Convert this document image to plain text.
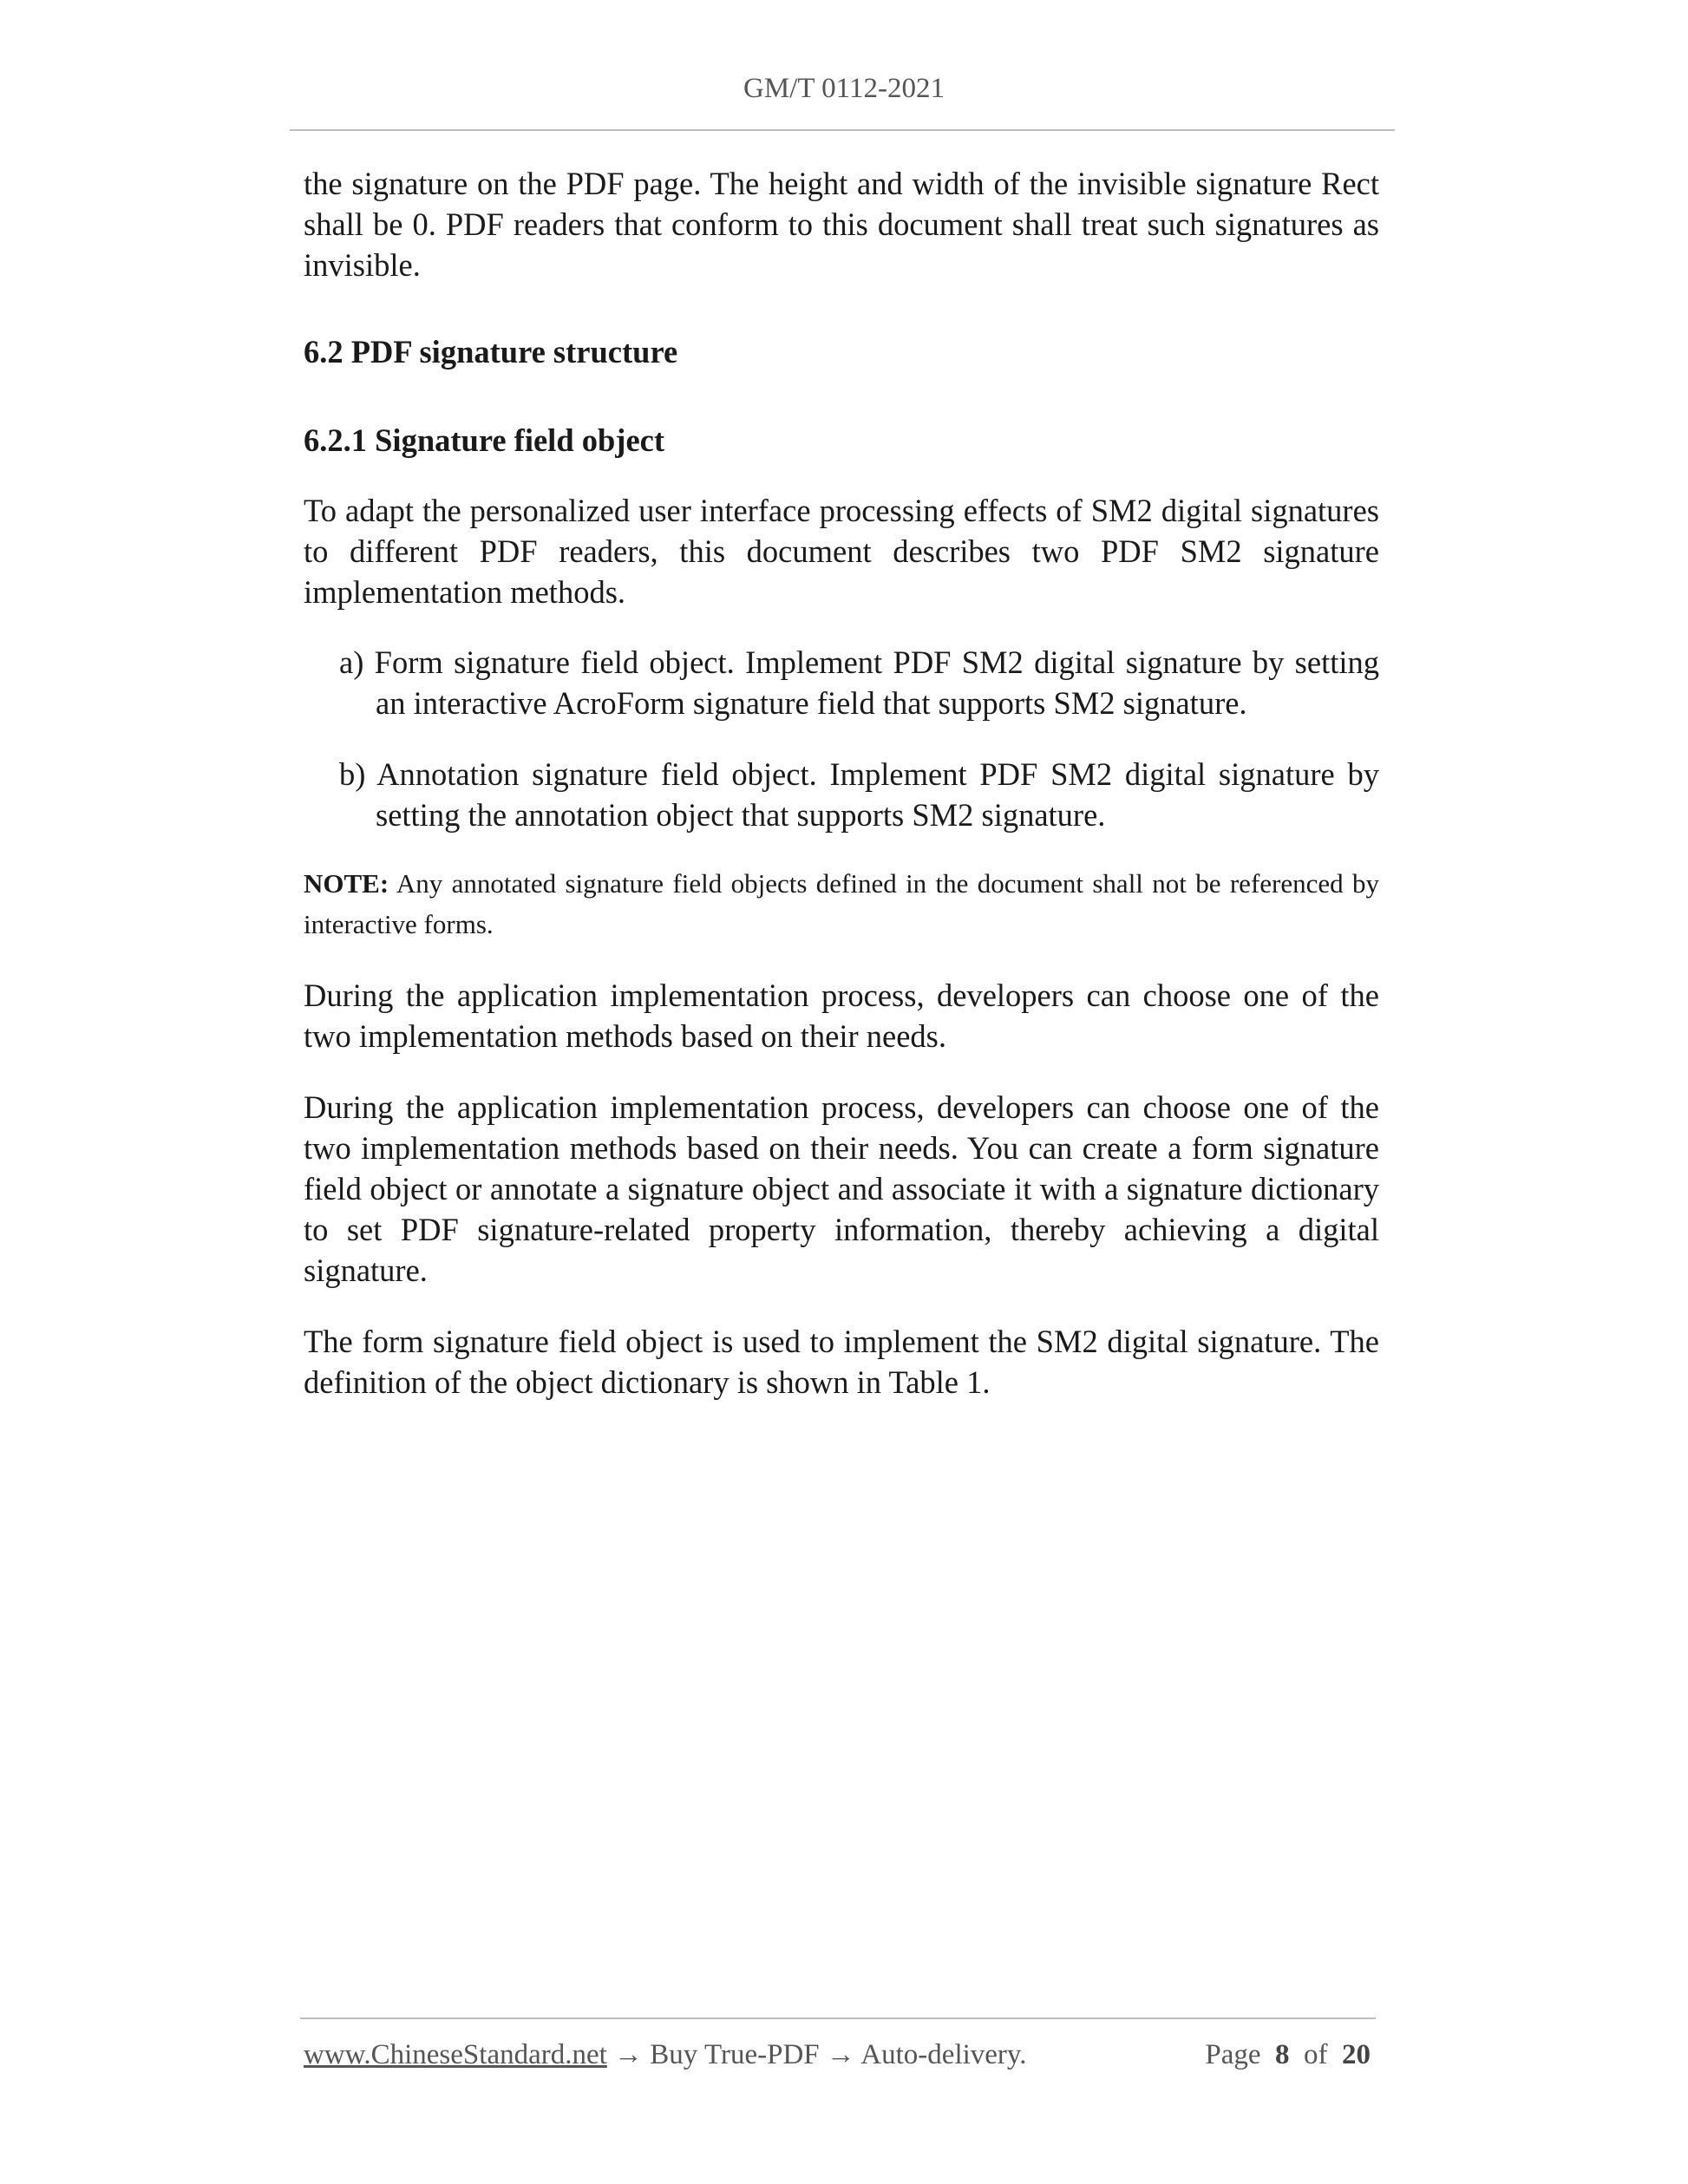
GM/T 0112-2021

the signature on the PDF page. The height and width of the invisible signature Rect shall be 0. PDF readers that conform to this document shall treat such signatures as invisible.

6.2 PDF signature structure
6.2.1 Signature field object

To adapt the personalized user interface processing effects of SM2 digital signatures to different PDF readers, this document describes two PDF SM2 signature implementation methods.

a) Form signature field object. Implement PDF SM2 digital signature by setting an interactive AcroForm signature field that supports SM2 signature.
b) Annotation signature field object. Implement PDF SM2 digital signature by setting the annotation object that supports SM2 signature.

NOTE: Any annotated signature field objects defined in the document shall not be referenced by interactive forms.

During the application implementation process, developers can choose one of the two implementation methods based on their needs.

During the application implementation process, developers can choose one of the two implementation methods based on their needs. You can create a form signature field object or annotate a signature object and associate it with a signature dictionary to set PDF signature-related property information, thereby achieving a digital signature.

The form signature field object is used to implement the SM2 digital signature. The definition of the object dictionary is shown in Table 1.

www.ChineseStandard.net → Buy True-PDF → Auto-delivery.	Page 8 of 20
